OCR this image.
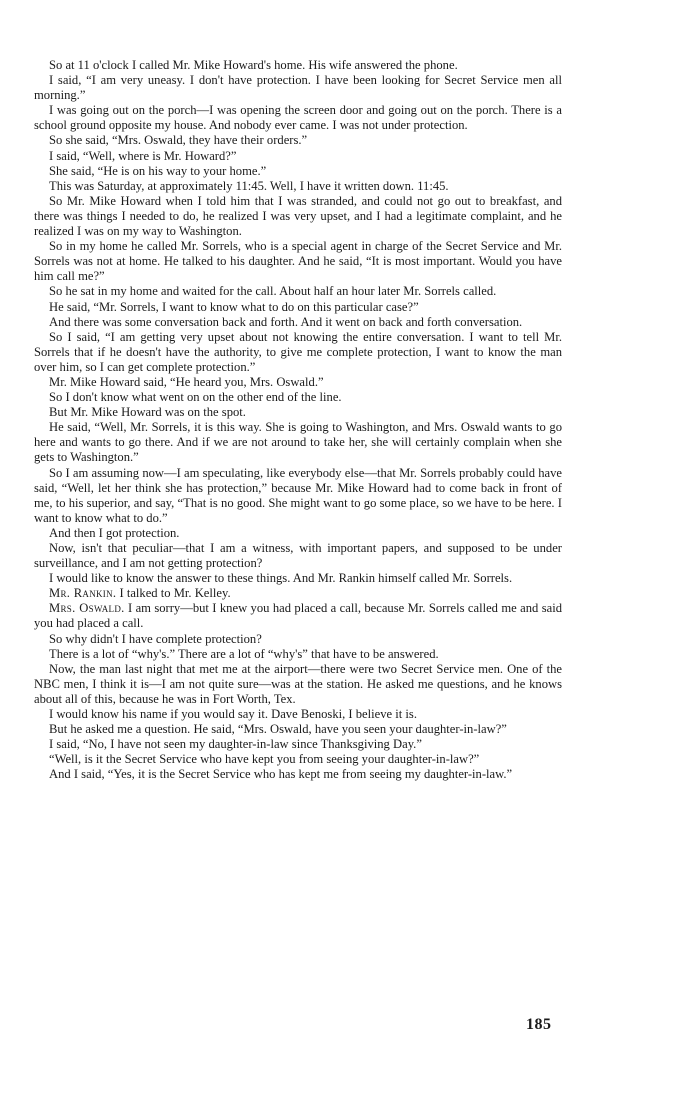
So at 11 o'clock I called Mr. Mike Howard's home. His wife answered the phone.

I said, “I am very uneasy. I don't have protection. I have been looking for Secret Service men all morning.”

I was going out on the porch—I was opening the screen door and going out on the porch. There is a school ground opposite my house. And nobody ever came. I was not under protection.

So she said, “Mrs. Oswald, they have their orders.”

I said, “Well, where is Mr. Howard?”

She said, “He is on his way to your home.”

This was Saturday, at approximately 11:45. Well, I have it written down. 11:45.

So Mr. Mike Howard when I told him that I was stranded, and could not go out to breakfast, and there was things I needed to do, he realized I was very upset, and I had a legitimate complaint, and he realized I was on my way to Washington.

So in my home he called Mr. Sorrels, who is a special agent in charge of the Secret Service and Mr. Sorrels was not at home. He talked to his daughter. And he said, “It is most important. Would you have him call me?”

So he sat in my home and waited for the call. About half an hour later Mr. Sorrels called.

He said, “Mr. Sorrels, I want to know what to do on this particular case?”

And there was some conversation back and forth. And it went on back and forth conversation.

So I said, “I am getting very upset about not knowing the entire conversation. I want to tell Mr. Sorrels that if he doesn't have the authority, to give me complete protection, I want to know the man over him, so I can get complete protection.”

Mr. Mike Howard said, “He heard you, Mrs. Oswald.”

So I don't know what went on on the other end of the line.

But Mr. Mike Howard was on the spot.

He said, “Well, Mr. Sorrels, it is this way. She is going to Washington, and Mrs. Oswald wants to go here and wants to go there. And if we are not around to take her, she will certainly complain when she gets to Washington.”

So I am assuming now—I am speculating, like everybody else—that Mr. Sorrels probably could have said, “Well, let her think she has protection,” because Mr. Mike Howard had to come back in front of me, to his superior, and say, “That is no good. She might want to go some place, so we have to be here. I want to know what to do.”

And then I got protection.

Now, isn't that peculiar—that I am a witness, with important papers, and supposed to be under surveillance, and I am not getting protection?

I would like to know the answer to these things. And Mr. Rankin himself called Mr. Sorrels.

Mr. Rankin. I talked to Mr. Kelley.

Mrs. Oswald. I am sorry—but I knew you had placed a call, because Mr. Sorrels called me and said you had placed a call.

So why didn't I have complete protection?

There is a lot of “why's.” There are a lot of “why's” that have to be answered.

Now, the man last night that met me at the airport—there were two Secret Service men. One of the NBC men, I think it is—I am not quite sure—was at the station. He asked me questions, and he knows about all of this, because he was in Fort Worth, Tex.

I would know his name if you would say it. Dave Benoski, I believe it is.

But he asked me a question. He said, “Mrs. Oswald, have you seen your daughter-in-law?”

I said, “No, I have not seen my daughter-in-law since Thanksgiving Day.”

“Well, is it the Secret Service who have kept you from seeing your daughter-in-law?”

And I said, “Yes, it is the Secret Service who has kept me from seeing my daughter-in-law.”

185
